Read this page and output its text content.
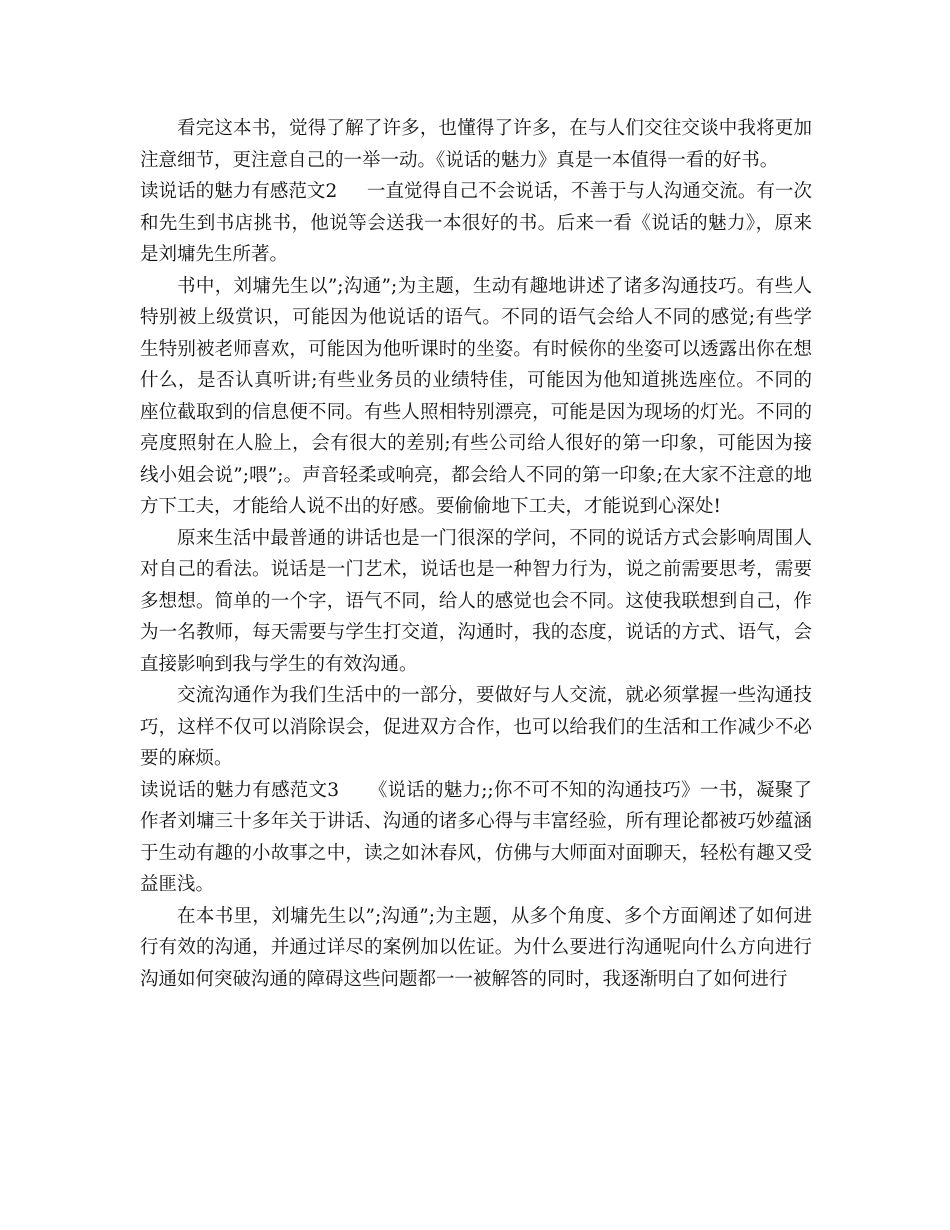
看完这本书，觉得了解了许多，也懂得了许多，在与人们交往交谈中我将更加注意细节，更注意自己的一举一动。《说话的魅力》真是一本值得一看的好书。

读说话的魅力有感范文2 一直觉得自己不会说话，不善于与人沟通交流。有一次和先生到书店挑书，他说等会送我一本很好的书。后来一看《说话的魅力》，原来是刘墉先生所著。

书中，刘墉先生以”;沟通”;为主题，生动有趣地讲述了诸多沟通技巧。有些人特别被上级赏识，可能因为他说话的语气。不同的语气会给人不同的感觉;有些学生特别被老师喜欢，可能因为他听课时的坐姿。有时候你的坐姿可以透露出你在想什么，是否认真听讲;有些业务员的业绩特佳，可能因为他知道挑选座位。不同的座位截取到的信息便不同。有些人照相特别漂亮，可能是因为现场的灯光。不同的亮度照射在人脸上，会有很大的差别;有些公司给人很好的第一印象，可能因为接线小姐会说”;喂”;。声音轻柔或响亮，都会给人不同的第一印象;在大家不注意的地方下工夫，才能给人说不出的好感。要偷偷地下工夫，才能说到心深处!

原来生活中最普通的讲话也是一门很深的学问，不同的说话方式会影响周围人对自己的看法。说话是一门艺术，说话也是一种智力行为，说之前需要思考，需要多想想。简单的一个字，语气不同，给人的感觉也会不同。这使我联想到自己，作为一名教师，每天需要与学生打交道，沟通时，我的态度，说话的方式、语气，会直接影响到我与学生的有效沟通。

交流沟通作为我们生活中的一部分，要做好与人交流，就必须掌握一些沟通技巧，这样不仅可以消除误会，促进双方合作，也可以给我们的生活和工作减少不必要的麻烦。

读说话的魅力有感范文3 《说话的魅力;;你不可不知的沟通技巧》一书，凝聚了作者刘墉三十多年关于讲话、沟通的诸多心得与丰富经验，所有理论都被巧妙蕴涵于生动有趣的小故事之中，读之如沐春风，仿佛与大师面对面聊天，轻松有趣又受益匪浅。

在本书里，刘墉先生以”;沟通”;为主题，从多个角度、多个方面阐述了如何进行有效的沟通，并通过详尽的案例加以佐证。为什么要进行沟通呢向什么方向进行沟通如何突破沟通的障碍这些问题都一一被解答的同时，我逐渐明白了如何进行
